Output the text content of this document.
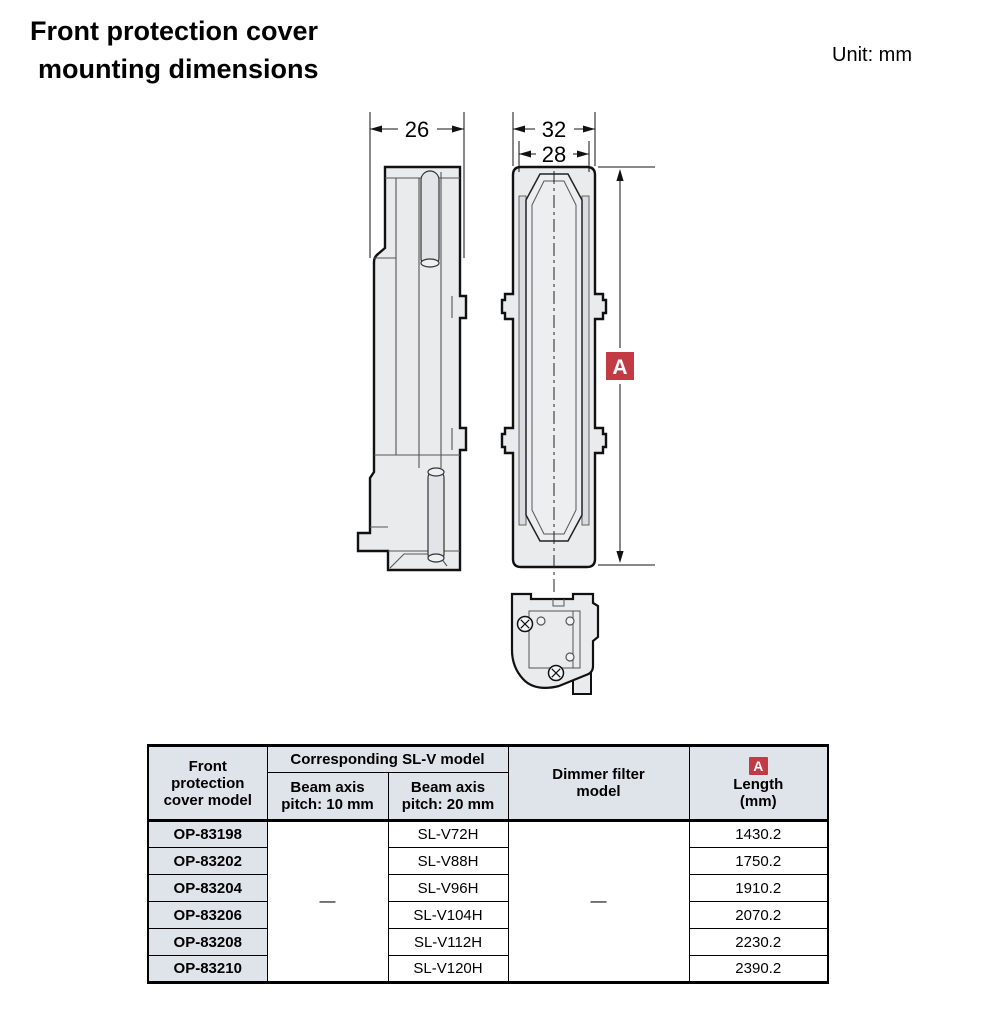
Front protection cover
mounting dimensions	Unit: mm
26	32
28
A
Front protection cover model	Corresponding SL-V model		Dimmer filter model	A
Length (mm)
	Beam axis pitch: 10 mm	Beam axis pitch: 20 mm		
OP-83198	—	SL-V72H	—	1430.2
OP-83202		SL-V88H		1750.2
OP-83204		SL-V96H		1910.2
OP-83206		SL-V104H		2070.2
OP-83208		SL-V112H		2230.2
OP-83210		SL-V120H		2390.2
